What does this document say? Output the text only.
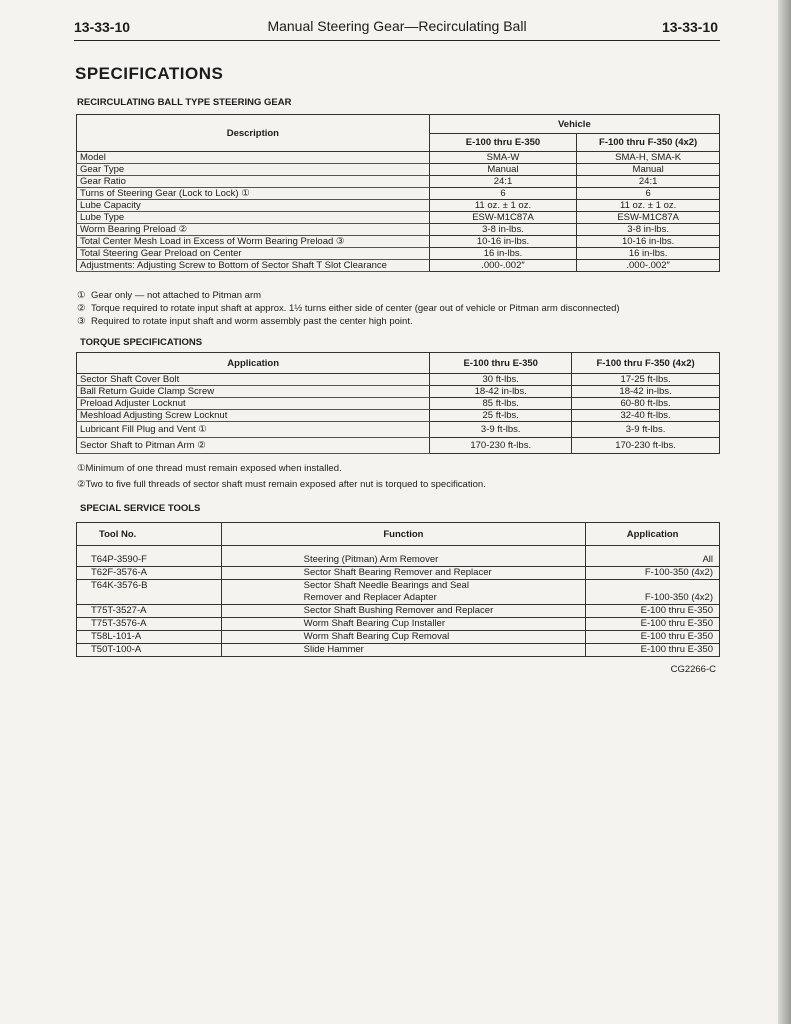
13-33-10	Manual Steering Gear—Recirculating Ball	13-33-10
SPECIFICATIONS
RECIRCULATING BALL TYPE STEERING GEAR
Description	Vehicle	
	E-100 thru E-350	F-100 thru F-350 (4x2)
Model	SMA-W	SMA-H, SMA-K
Gear Type	Manual	Manual
Gear Ratio	24:1	24:1
Turns of Steering Gear (Lock to Lock) ①	6	6
Lube Capacity	11 oz. ± 1 oz.	11 oz. ± 1 oz.
Lube Type	ESW-M1C87A	ESW-M1C87A
Worm Bearing Preload ②	3-8 in-lbs.	3-8 in-lbs.
Total Center Mesh Load in Excess of Worm Bearing Preload ③	10-16 in-lbs.	10-16 in-lbs.
Total Steering Gear Preload on Center	16 in-lbs.	16 in-lbs.
Adjustments: Adjusting Screw to Bottom of Sector Shaft T Slot Clearance	.000-.002″	.000-.002″
① Gear only — not attached to Pitman arm
② Torque required to rotate input shaft at approx. 1½ turns either side of center (gear out of vehicle or Pitman arm disconnected)
③ Required to rotate input shaft and worm assembly past the center high point.
TORQUE SPECIFICATIONS
Application	E-100 thru E-350	F-100 thru F-350 (4x2)
Sector Shaft Cover Bolt	30 ft-lbs.	17-25 ft-lbs.
Ball Return Guide Clamp Screw	18-42 in-lbs.	18-42 in-lbs.
Preload Adjuster Locknut	85 ft-lbs.	60-80 ft-lbs.
Meshload Adjusting Screw Locknut	25 ft-lbs.	32-40 ft-lbs.
Lubricant Fill Plug and Vent ①	3-9 ft-lbs.	3-9 ft-lbs.
Sector Shaft to Pitman Arm ②	170-230 ft-lbs.	170-230 ft-lbs.
①Minimum of one thread must remain exposed when installed.
②Two to five full threads of sector shaft must remain exposed after nut is torqued to specification.
SPECIAL SERVICE TOOLS
Tool No.	Function	Application
T64P-3590-F	Steering (Pitman) Arm Remover	All
T62F-3576-A	Sector Shaft Bearing Remover and Replacer	F-100-350 (4x2)
T64K-3576-B	Sector Shaft Needle Bearings and Seal	
	Remover and Replacer Adapter	F-100-350 (4x2)
T75T-3527-A	Sector Shaft Bushing Remover and Replacer	E-100 thru E-350
T75T-3576-A	Worm Shaft Bearing Cup Installer	E-100 thru E-350
T58L-101-A	Worm Shaft Bearing Cup Removal	E-100 thru E-350
T50T-100-A	Slide Hammer	E-100 thru E-350
CG2266-C
